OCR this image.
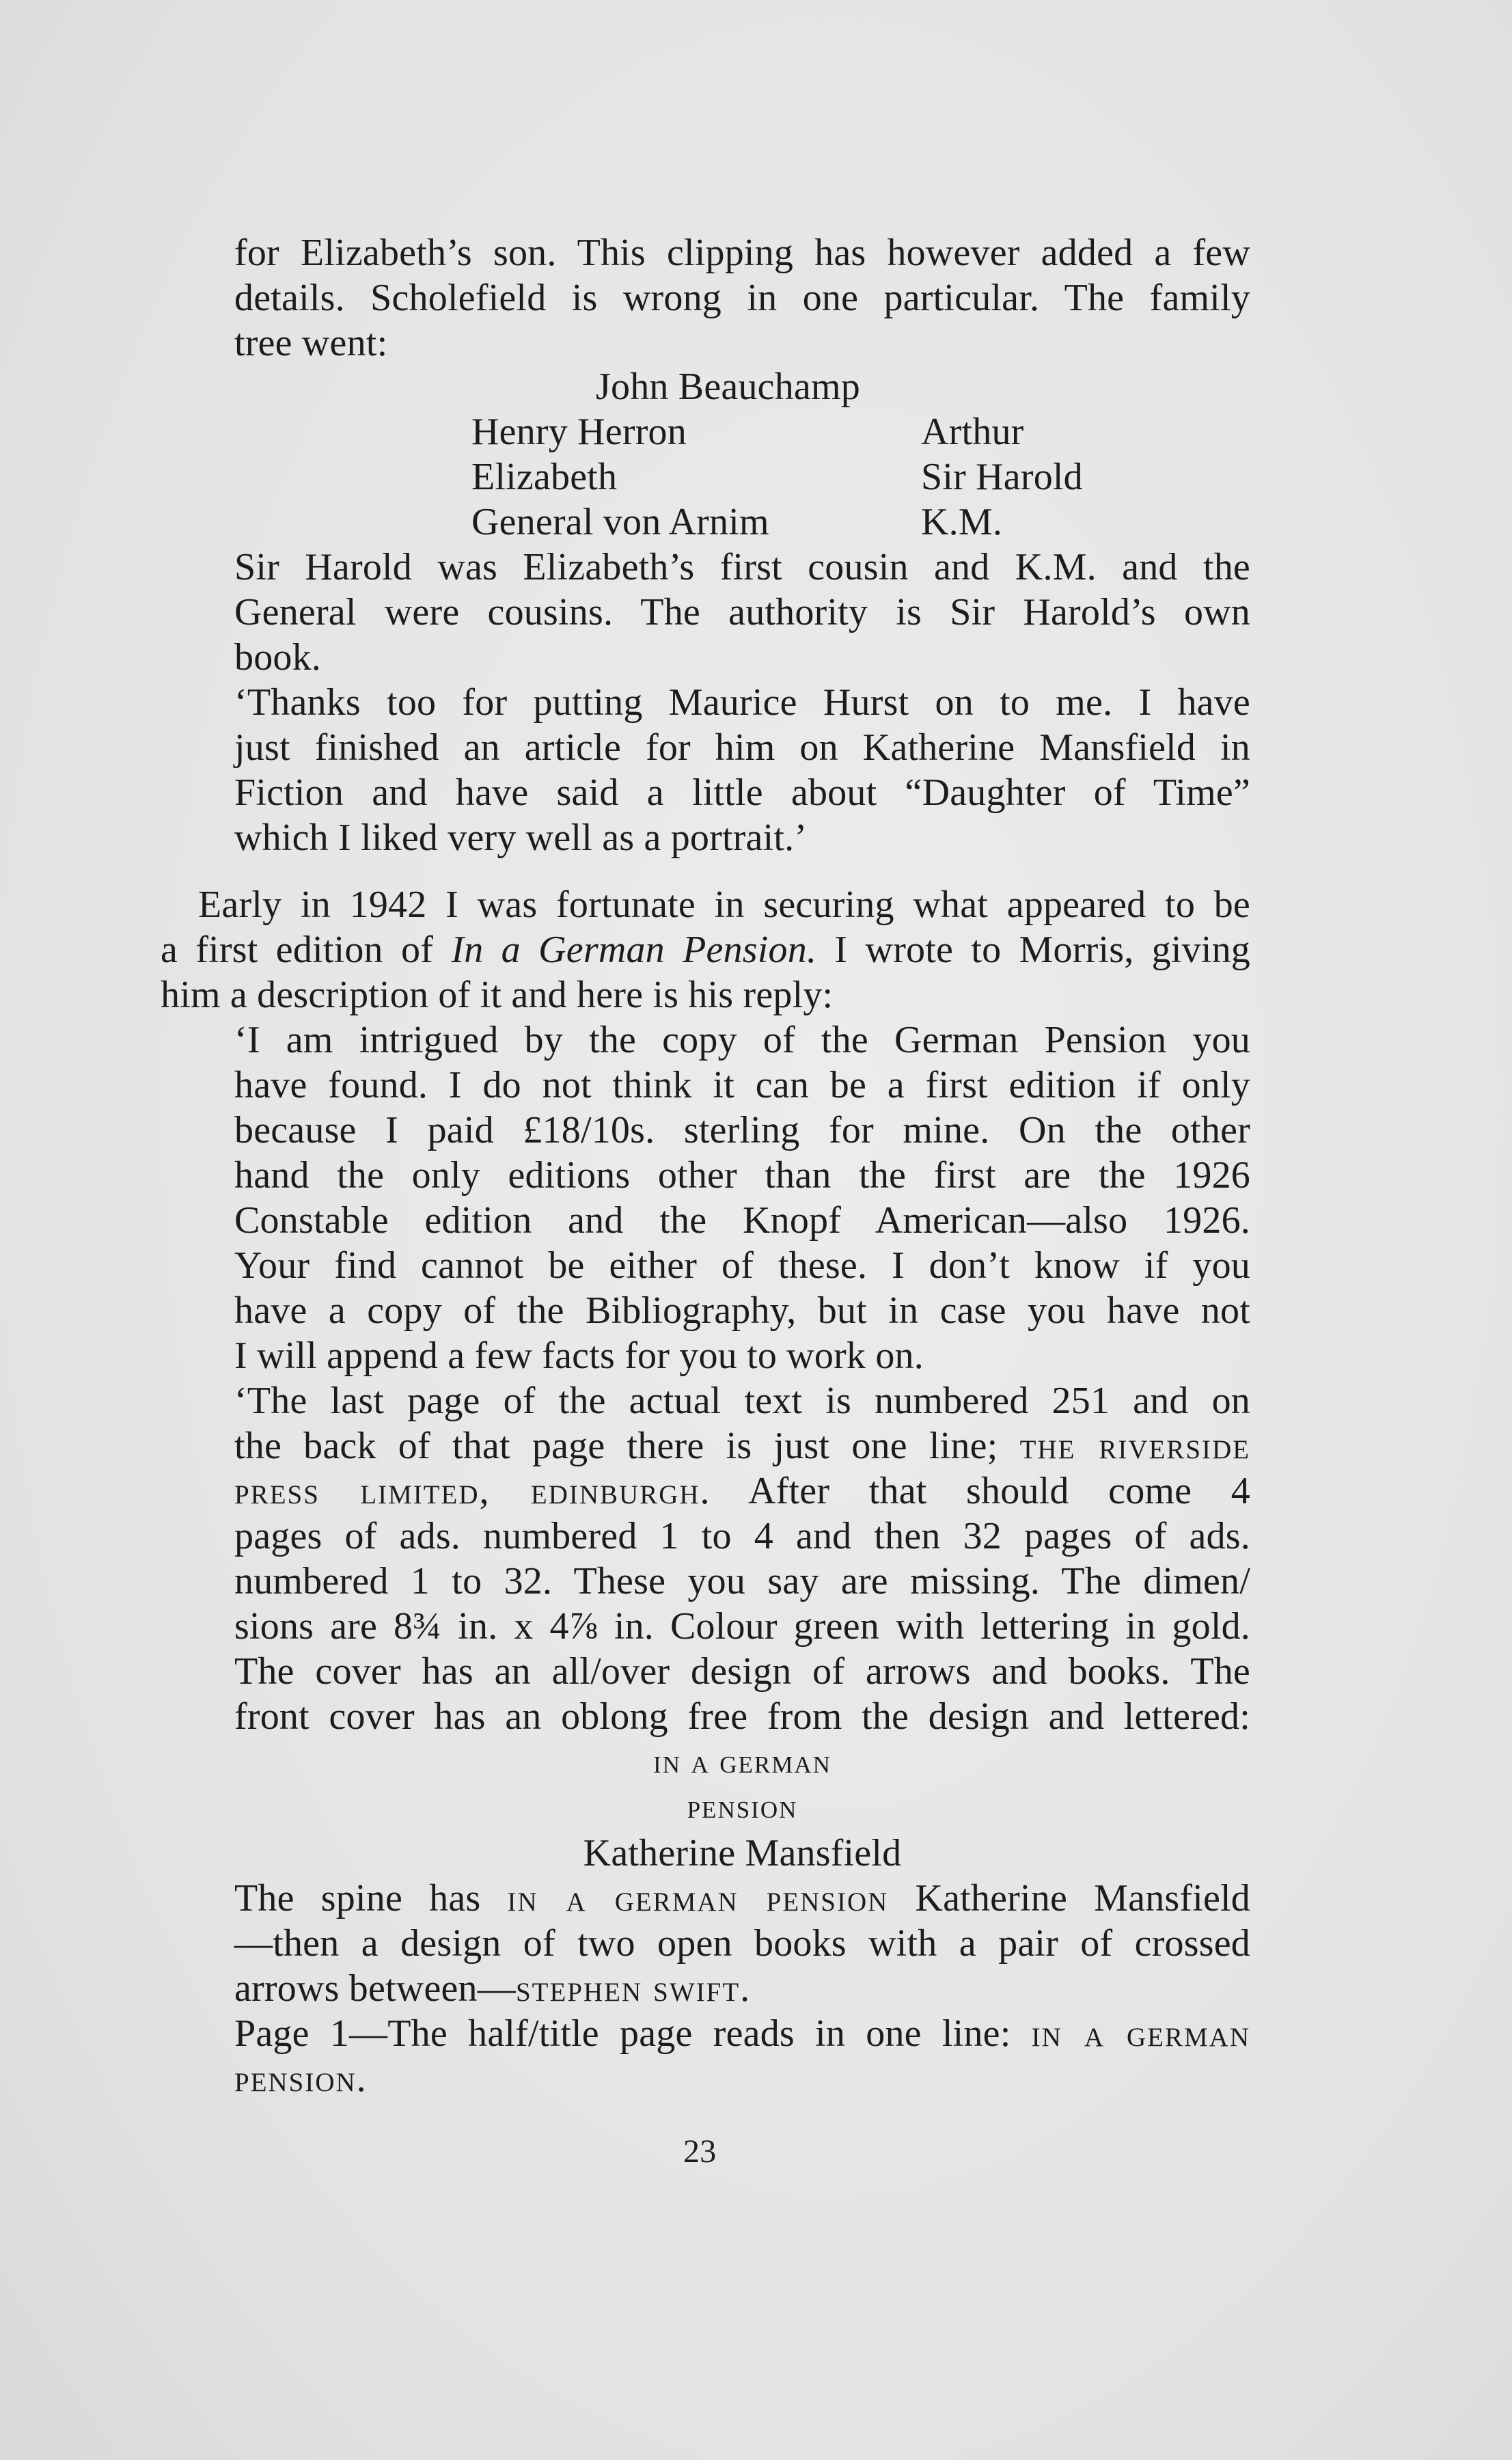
for Elizabeth’s son. This clipping has however added a few
details. Scholefield is wrong in one particular. The family
tree went:
John Beauchamp
Henry Herron	Arthur
Elizabeth	Sir Harold
General von Arnim	K.M.
Sir Harold was Elizabeth’s first cousin and K.M. and the
General were cousins. The authority is Sir Harold’s own
book.
‘Thanks too for putting Maurice Hurst on to me. I have
just finished an article for him on Katherine Mansfield in
Fiction and have said a little about “Daughter of Time”
which I liked very well as a portrait.’
Early in 1942 I was fortunate in securing what appeared to be
a first edition of In a German Pension. I wrote to Morris, giving
him a description of it and here is his reply:
‘I am intrigued by the copy of the German Pension you
have found. I do not think it can be a first edition if only
because I paid £18/10s. sterling for mine. On the other
hand the only editions other than the first are the 1926
Constable edition and the Knopf American—also 1926.
Your find cannot be either of these. I don’t know if you
have a copy of the Bibliography, but in case you have not
I will append a few facts for you to work on.
‘The last page of the actual text is numbered 251 and on
the back of that page there is just one line; the riverside
press limited, edinburgh. After that should come 4
pages of ads. numbered 1 to 4 and then 32 pages of ads.
numbered 1 to 32. These you say are missing. The dimen/
sions are 8¾ in. x 4⅞ in. Colour green with lettering in gold.
The cover has an all/over design of arrows and books. The
front cover has an oblong free from the design and lettered:
in a german
pension
Katherine Mansfield
The spine has in a german pension Katherine Mansfield
—then a design of two open books with a pair of crossed
arrows between—stephen swift.
Page 1—The half/title page reads in one line: in a german
pension.
23
